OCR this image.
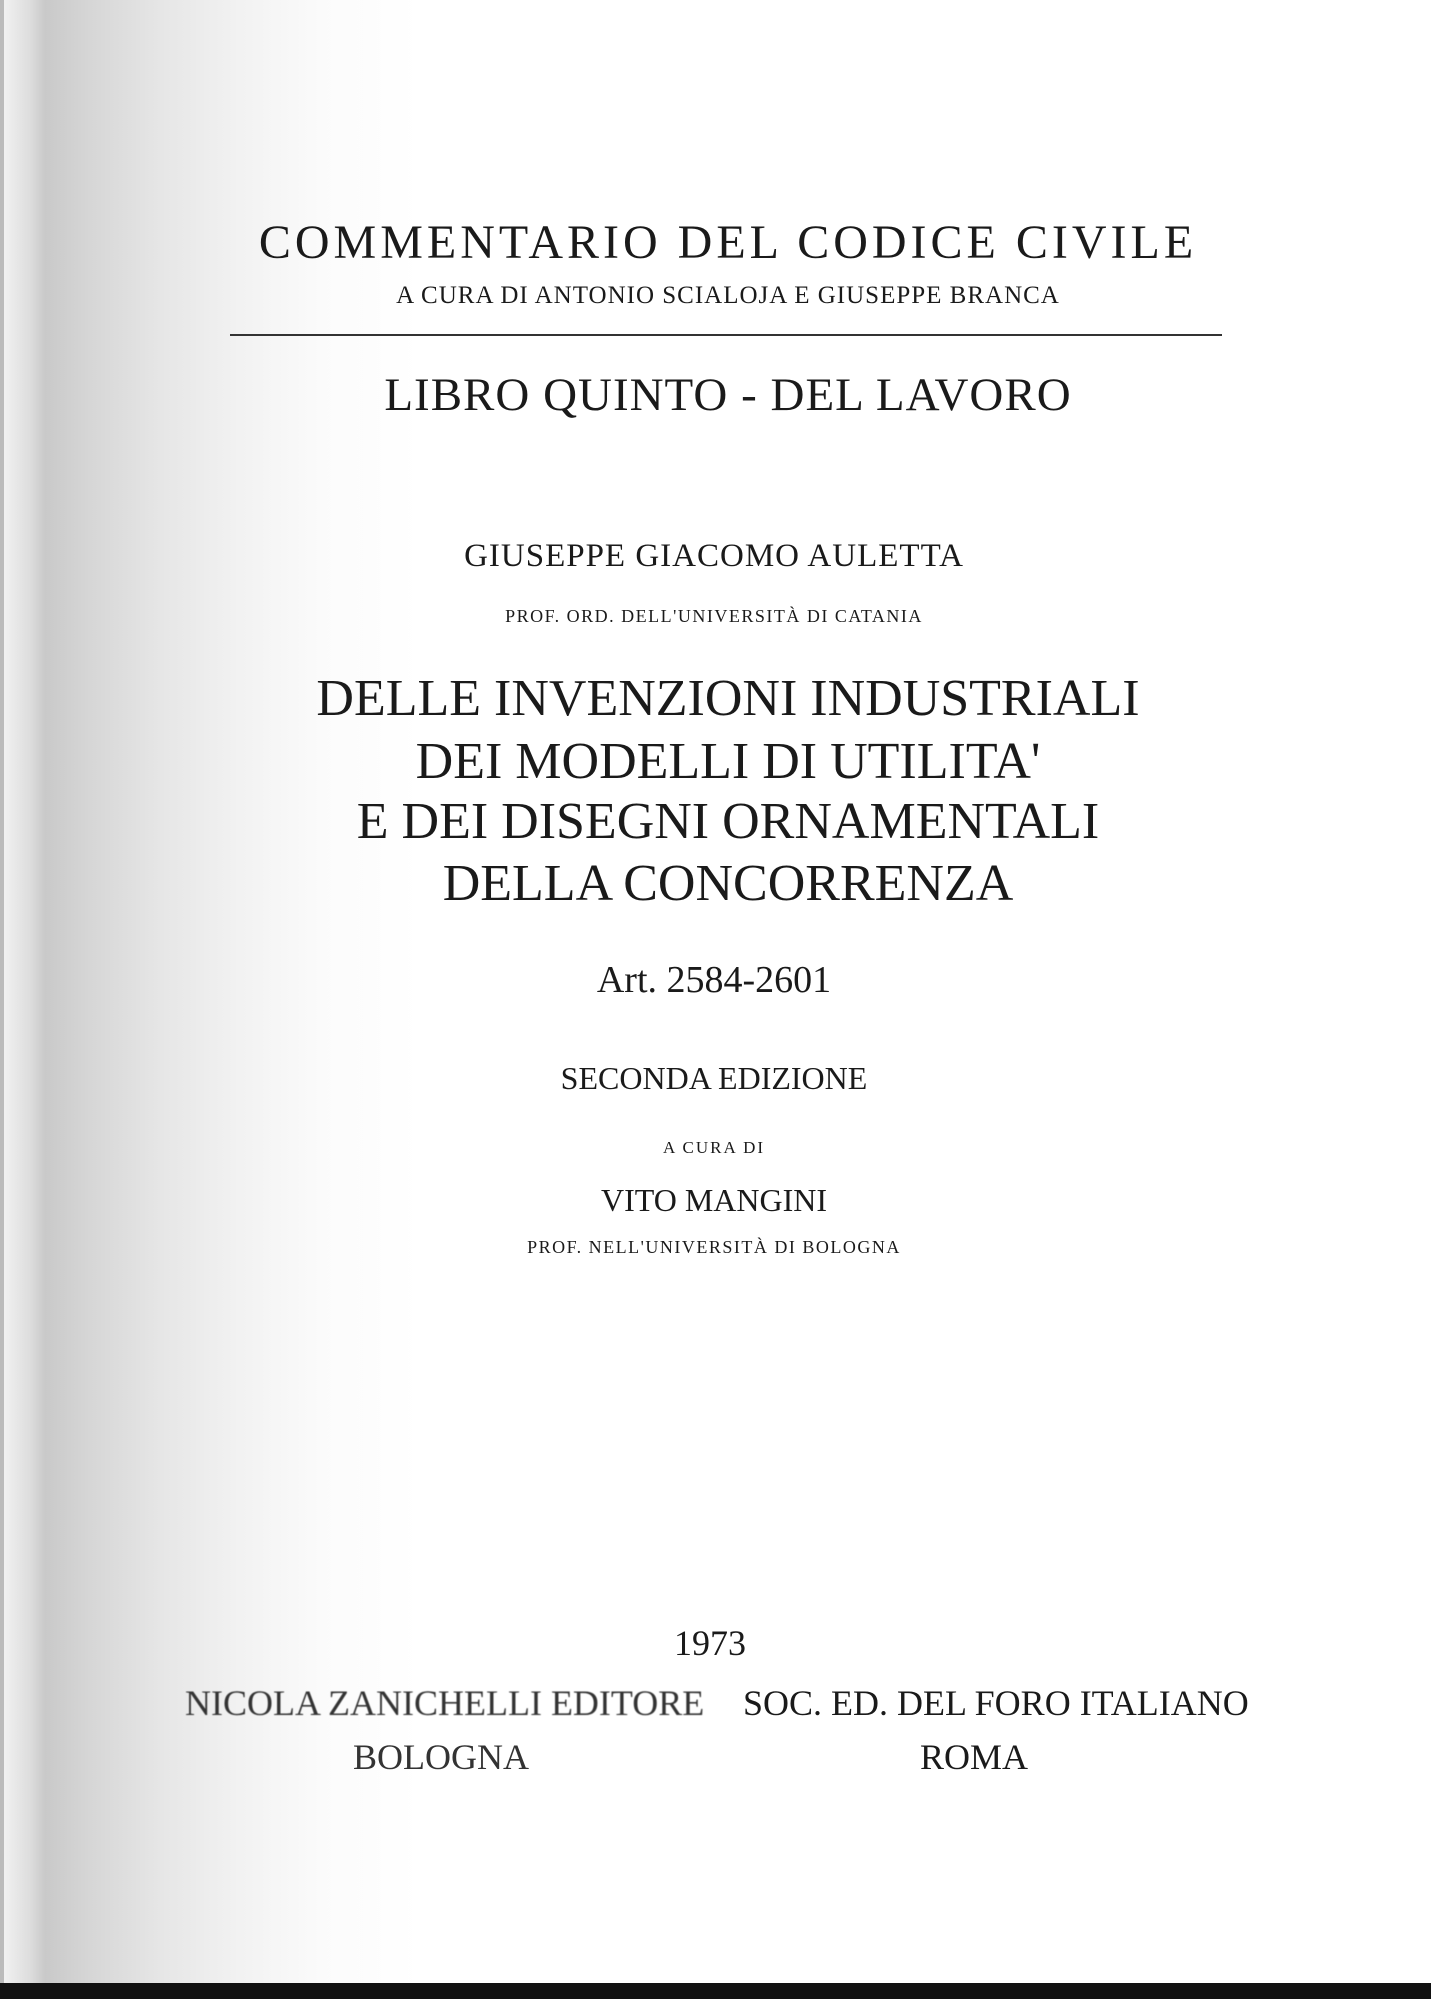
COMMENTARIO DEL CODICE CIVILE
A CURA DI ANTONIO SCIALOJA E GIUSEPPE BRANCA
LIBRO QUINTO - DEL LAVORO
GIUSEPPE GIACOMO AULETTA
PROF. ORD. DELL'UNIVERSITÀ DI CATANIA
DELLE INVENZIONI INDUSTRIALI
DEI MODELLI DI UTILITA'
E DEI DISEGNI ORNAMENTALI
DELLA CONCORRENZA
Art. 2584-2601
SECONDA EDIZIONE
A CURA DI
VITO MANGINI
PROF. NELL'UNIVERSITÀ DI BOLOGNA
1973
NICOLA ZANICHELLI EDITORE SOC. ED. DEL FORO ITALIANO
BOLOGNA	ROMA
